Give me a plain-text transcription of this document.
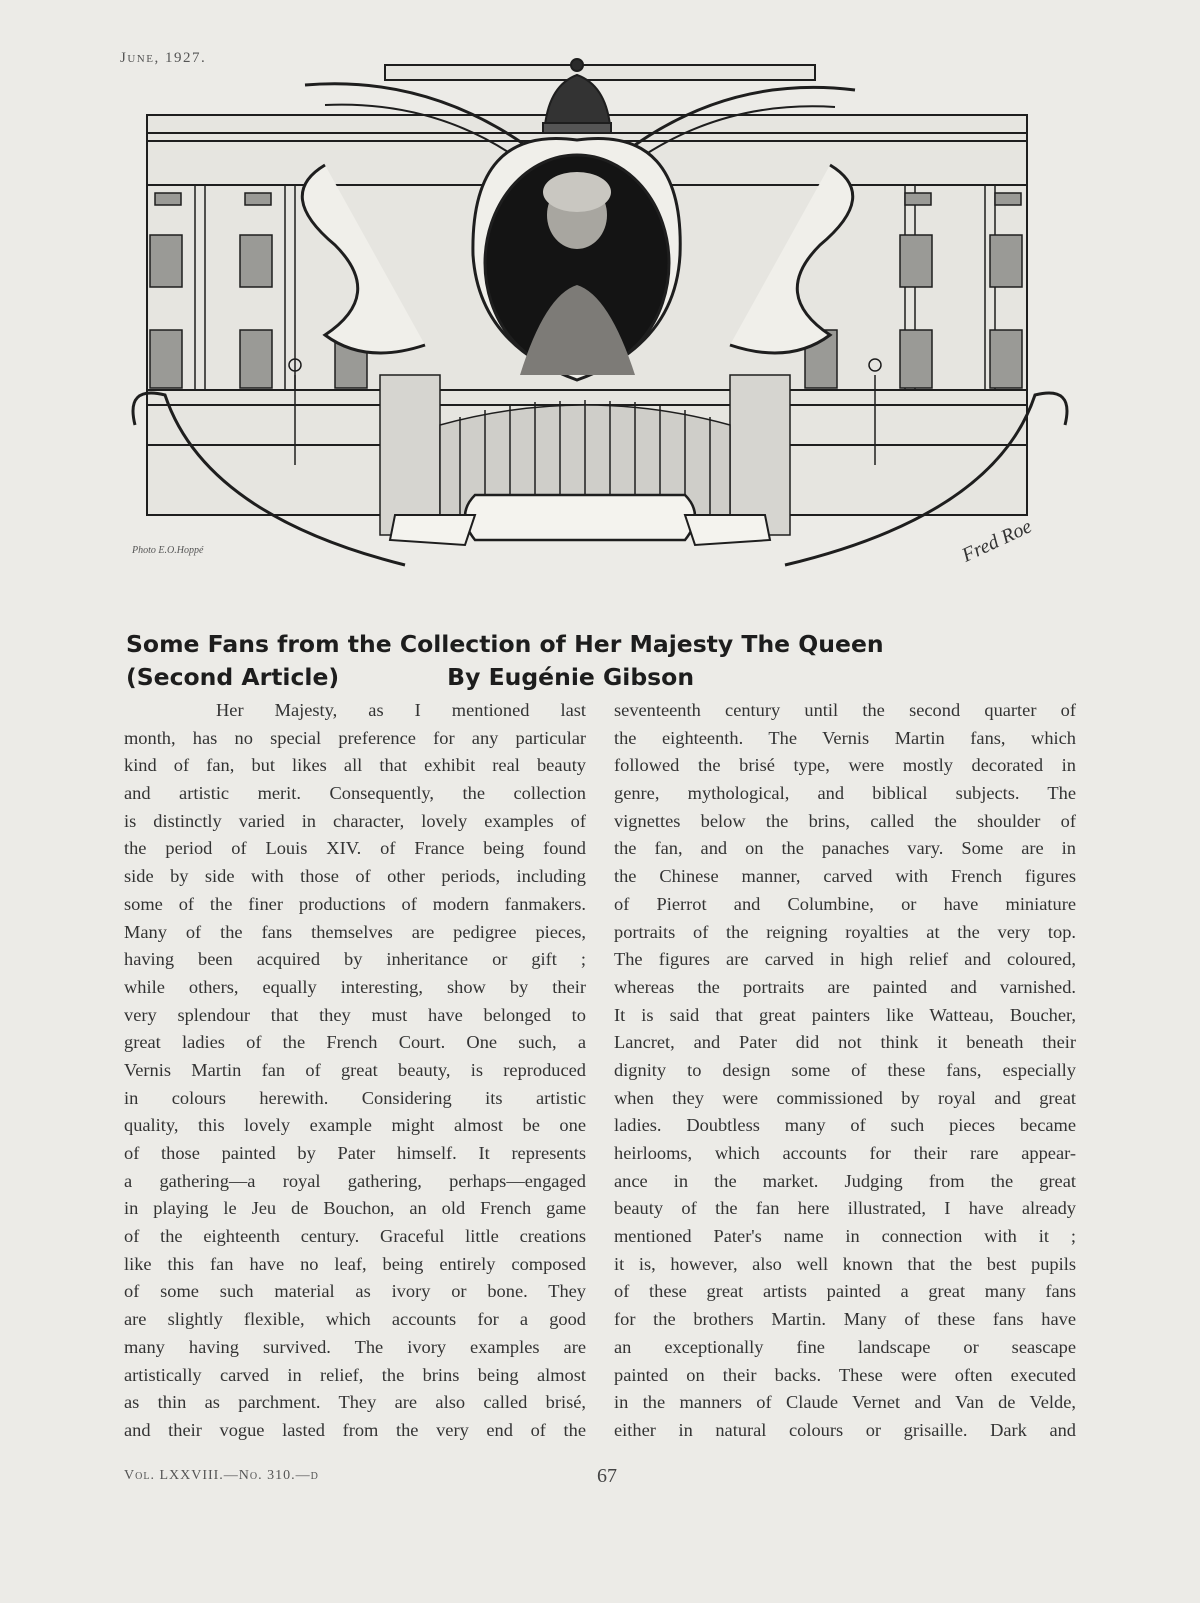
June, 1927.
Photo E.O.Hoppé	Fred Roe
Some Fans from the Collection of Her Majesty The Queen
(Second Article)	By Eugénie Gibson
Her Majesty, as I mentioned last
month, has no special preference for any particular
kind of fan, but likes all that exhibit real beauty
and artistic merit. Consequently, the collection
is distinctly varied in character, lovely examples of
the period of Louis XIV. of France being found
side by side with those of other periods, including
some of the finer productions of modern fanmakers.
Many of the fans themselves are pedigree pieces,
having been acquired by inheritance or gift ;
while others, equally interesting, show by their
very splendour that they must have belonged to
great ladies of the French Court. One such, a
Vernis Martin fan of great beauty, is reproduced
in colours herewith. Considering its artistic
quality, this lovely example might almost be one
of those painted by Pater himself. It represents
a gathering—a royal gathering, perhaps—engaged
in playing le Jeu de Bouchon, an old French game
of the eighteenth century. Graceful little creations
like this fan have no leaf, being entirely composed
of some such material as ivory or bone. They
are slightly flexible, which accounts for a good
many having survived. The ivory examples are
artistically carved in relief, the brins being almost
as thin as parchment. They are also called brisé,
and their vogue lasted from the very end of the
seventeenth century until the second quarter of
the eighteenth. The Vernis Martin fans, which
followed the brisé type, were mostly decorated in
genre, mythological, and biblical subjects. The
vignettes below the brins, called the shoulder of
the fan, and on the panaches vary. Some are in
the Chinese manner, carved with French figures
of Pierrot and Columbine, or have miniature
portraits of the reigning royalties at the very top.
The figures are carved in high relief and coloured,
whereas the portraits are painted and varnished.
It is said that great painters like Watteau, Boucher,
Lancret, and Pater did not think it beneath their
dignity to design some of these fans, especially
when they were commissioned by royal and great
ladies. Doubtless many of such pieces became
heirlooms, which accounts for their rare appear-
ance in the market. Judging from the great
beauty of the fan here illustrated, I have already
mentioned Pater's name in connection with it ;
it is, however, also well known that the best pupils
of these great artists painted a great many fans
for the brothers Martin. Many of these fans have
an exceptionally fine landscape or seascape
painted on their backs. These were often executed
in the manners of Claude Vernet and Van de Velde,
either in natural colours or grisaille. Dark and
Vol. LXXVIII.—No. 310.—d	67
